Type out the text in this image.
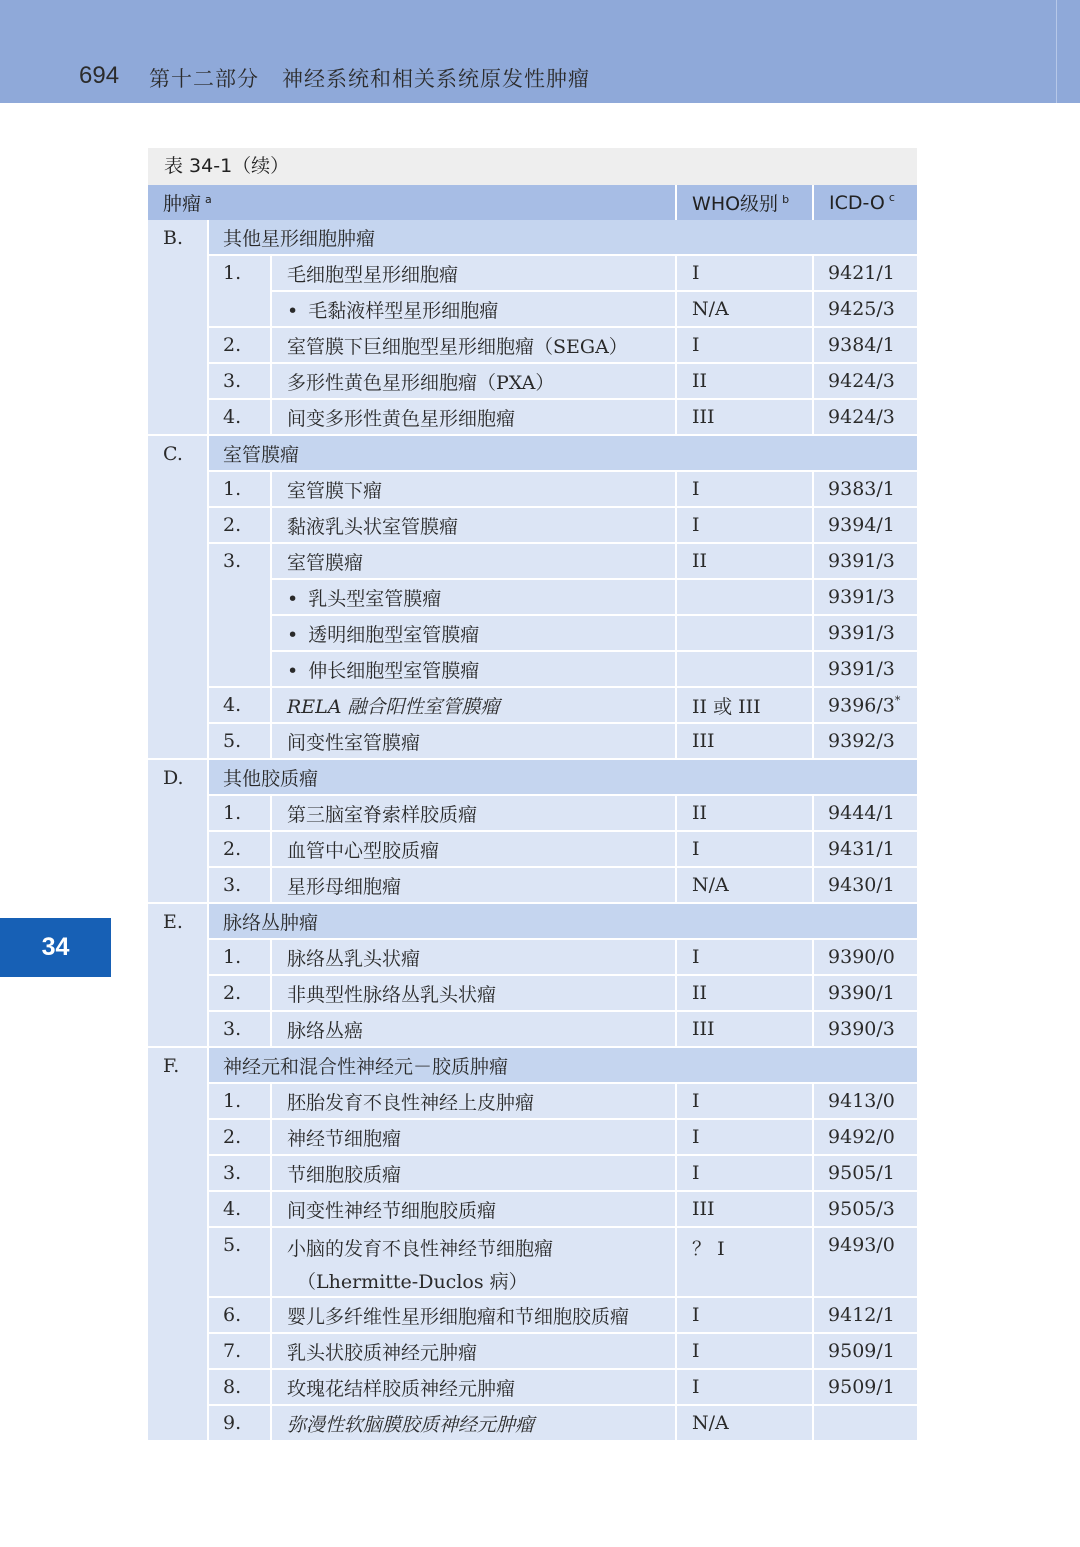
694 第十二部分 神经系统和相关系统原发性肿瘤
34
表 34-1（续）
肿瘤 $^a$			WHO级别 $^b$	ICD-O $^c$
B.	其他星形细胞肿瘤			
	1.	毛细胞型星形细胞瘤	I	9421/1
		• 毛黏液样型星形细胞瘤	N/A	9425/3
	2.	室管膜下巨细胞型星形细胞瘤（SEGA）	I	9384/1
	3.	多形性黄色星形细胞瘤（PXA）	II	9424/3
	4.	间变多形性黄色星形细胞瘤	III	9424/3
C.	室管膜瘤			
	1.	室管膜下瘤	I	9383/1
	2.	黏液乳头状室管膜瘤	I	9394/1
	3.	室管膜瘤	II	9391/3
		• 乳头型室管膜瘤		9391/3
		• 透明细胞型室管膜瘤		9391/3
		• 伸长细胞型室管膜瘤		9391/3
	4.	RELA 融合阳性室管膜瘤	II 或 III	9396/3*
	5.	间变性室管膜瘤	III	9392/3
D.	其他胶质瘤			
	1.	第三脑室脊索样胶质瘤	II	9444/1
	2.	血管中心型胶质瘤	I	9431/1
	3.	星形母细胞瘤	N/A	9430/1
E.	脉络丛肿瘤			
	1.	脉络丛乳头状瘤	I	9390/0
	2.	非典型性脉络丛乳头状瘤	II	9390/1
	3.	脉络丛癌	III	9390/3
F.	神经元和混合性神经元－胶质肿瘤			
	1.	胚胎发育不良性神经上皮肿瘤	I	9413/0
	2.	神经节细胞瘤	I	9492/0
	3.	节细胞胶质瘤	I	9505/1
	4.	间变性神经节细胞胶质瘤	III	9505/3
	5.	小脑的发育不良性神经节细胞瘤
（Lhermitte-Duclos 病）	？ I	9493/0
	6.	婴儿多纤维性星形细胞瘤和节细胞胶质瘤	I	9412/1
	7.	乳头状胶质神经元肿瘤	I	9509/1
	8.	玫瑰花结样胶质神经元肿瘤	I	9509/1
	9.	弥漫性软脑膜胶质神经元肿瘤	N/A	
